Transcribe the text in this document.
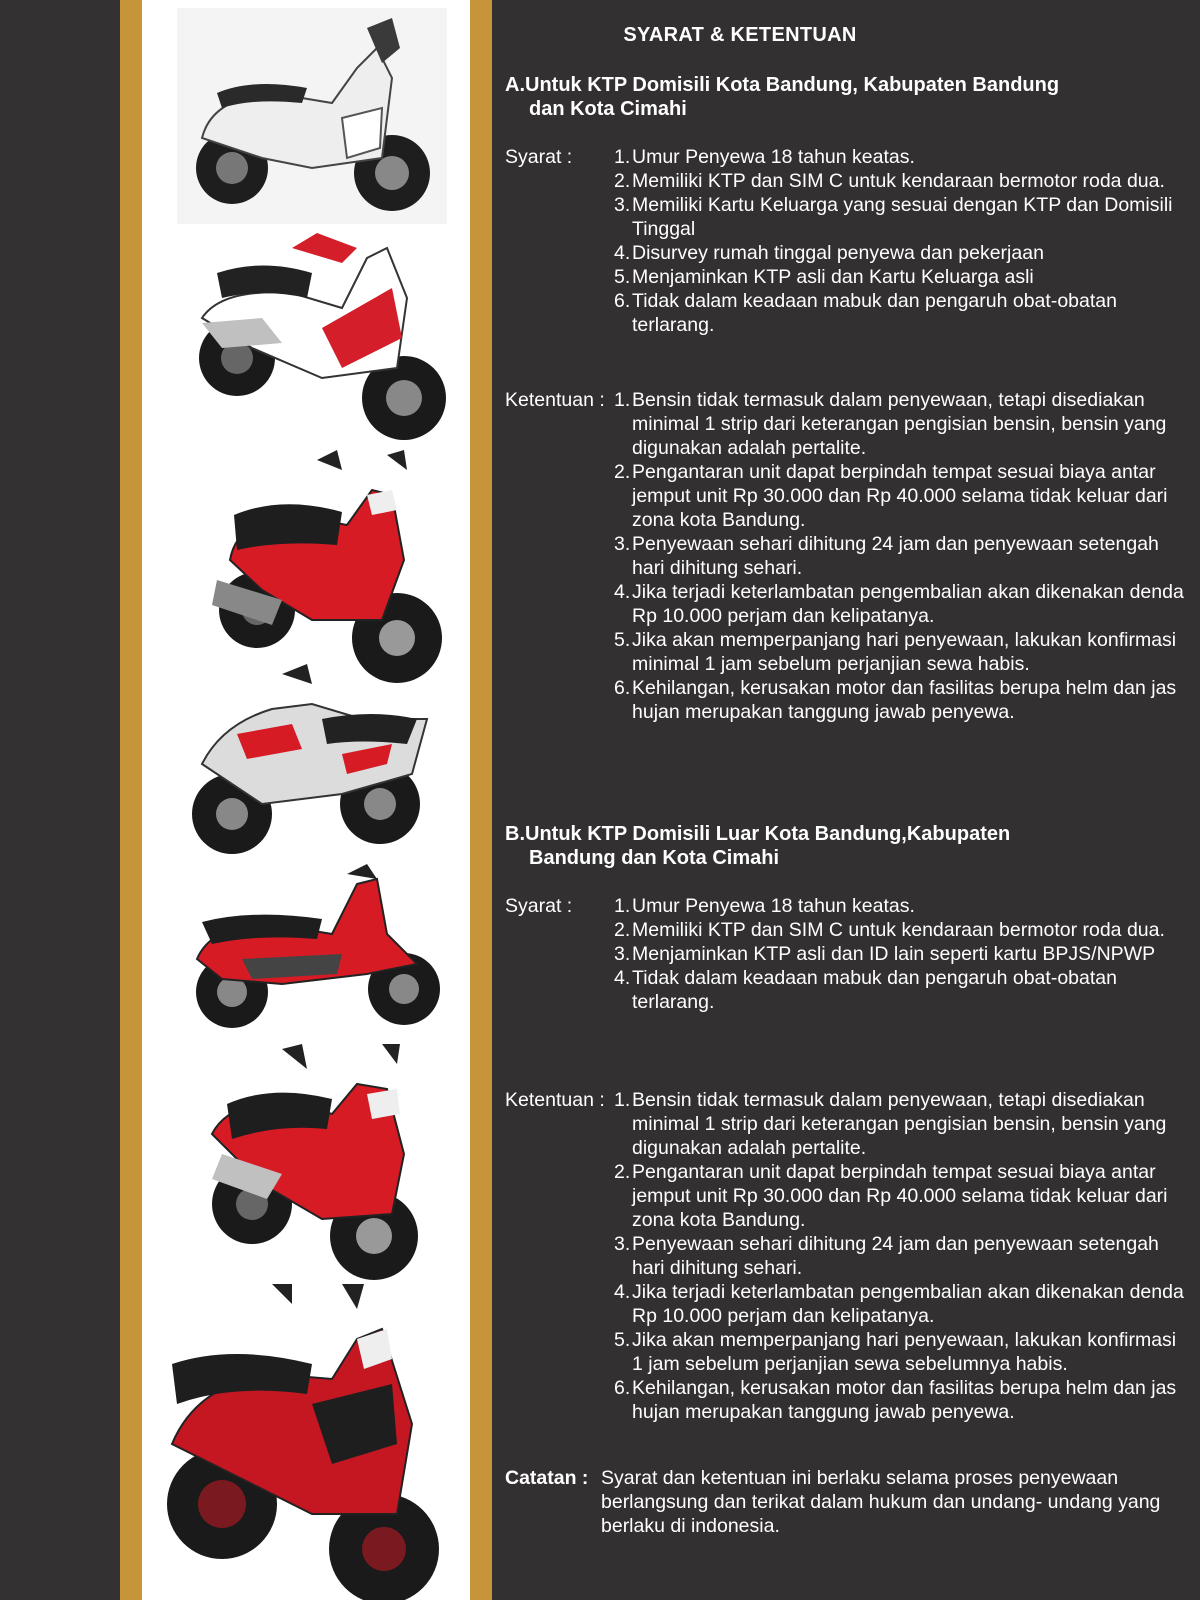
SYARAT & KETENTUAN
A.Untuk KTP Domisili Kota Bandung, Kabupaten Bandung
dan Kota Cimahi
Syarat : 1. Umur Penyewa 18 tahun keatas.
2. Memiliki KTP dan SIM C untuk kendaraan bermotor roda dua.
3. Memiliki Kartu Keluarga yang sesuai dengan KTP dan Domisili Tinggal
4. Disurvey rumah tinggal penyewa dan pekerjaan
5. Menjaminkan KTP asli dan Kartu Keluarga asli
6. Tidak dalam keadaan mabuk dan pengaruh obat-obatan terlarang.
Ketentuan : 1. Bensin tidak termasuk dalam penyewaan, tetapi disediakan minimal 1 strip dari keterangan pengisian bensin, bensin yang digunakan adalah pertalite.
2. Pengantaran unit dapat berpindah tempat sesuai biaya antar jemput unit Rp 30.000 dan Rp 40.000 selama tidak keluar dari zona kota Bandung.
3. Penyewaan sehari dihitung 24 jam dan penyewaan setengah hari dihitung sehari.
4. Jika terjadi keterlambatan pengembalian akan dikenakan denda Rp 10.000 perjam dan kelipatanya.
5. Jika akan memperpanjang hari penyewaan, lakukan konfirmasi minimal 1 jam sebelum perjanjian sewa habis.
6. Kehilangan, kerusakan motor dan fasilitas berupa helm dan jas hujan merupakan tanggung jawab penyewa.
B.Untuk KTP Domisili Luar Kota Bandung,Kabupaten
Bandung dan Kota Cimahi
Syarat : 1. Umur Penyewa 18 tahun keatas.
2. Memiliki KTP dan SIM C untuk kendaraan bermotor roda dua.
3. Menjaminkan KTP asli dan ID lain seperti kartu BPJS/NPWP
4. Tidak dalam keadaan mabuk dan pengaruh obat-obatan terlarang.
Ketentuan : 1. Bensin tidak termasuk dalam penyewaan, tetapi disediakan minimal 1 strip dari keterangan pengisian bensin, bensin yang digunakan adalah pertalite.
2. Pengantaran unit dapat berpindah tempat sesuai biaya antar jemput unit Rp 30.000 dan Rp 40.000 selama tidak keluar dari zona kota Bandung.
3. Penyewaan sehari dihitung 24 jam dan penyewaan setengah hari dihitung sehari.
4. Jika terjadi keterlambatan pengembalian akan dikenakan denda Rp 10.000 perjam dan kelipatanya.
5. Jika akan memperpanjang hari penyewaan, lakukan konfirmasi 1 jam sebelum perjanjian sewa sebelumnya habis.
6. Kehilangan, kerusakan motor dan fasilitas berupa helm dan jas hujan merupakan tanggung jawab penyewa.
Catatan : Syarat dan ketentuan ini berlaku selama proses penyewaan berlangsung dan terikat dalam hukum dan undang- undang yang berlaku di indonesia.
